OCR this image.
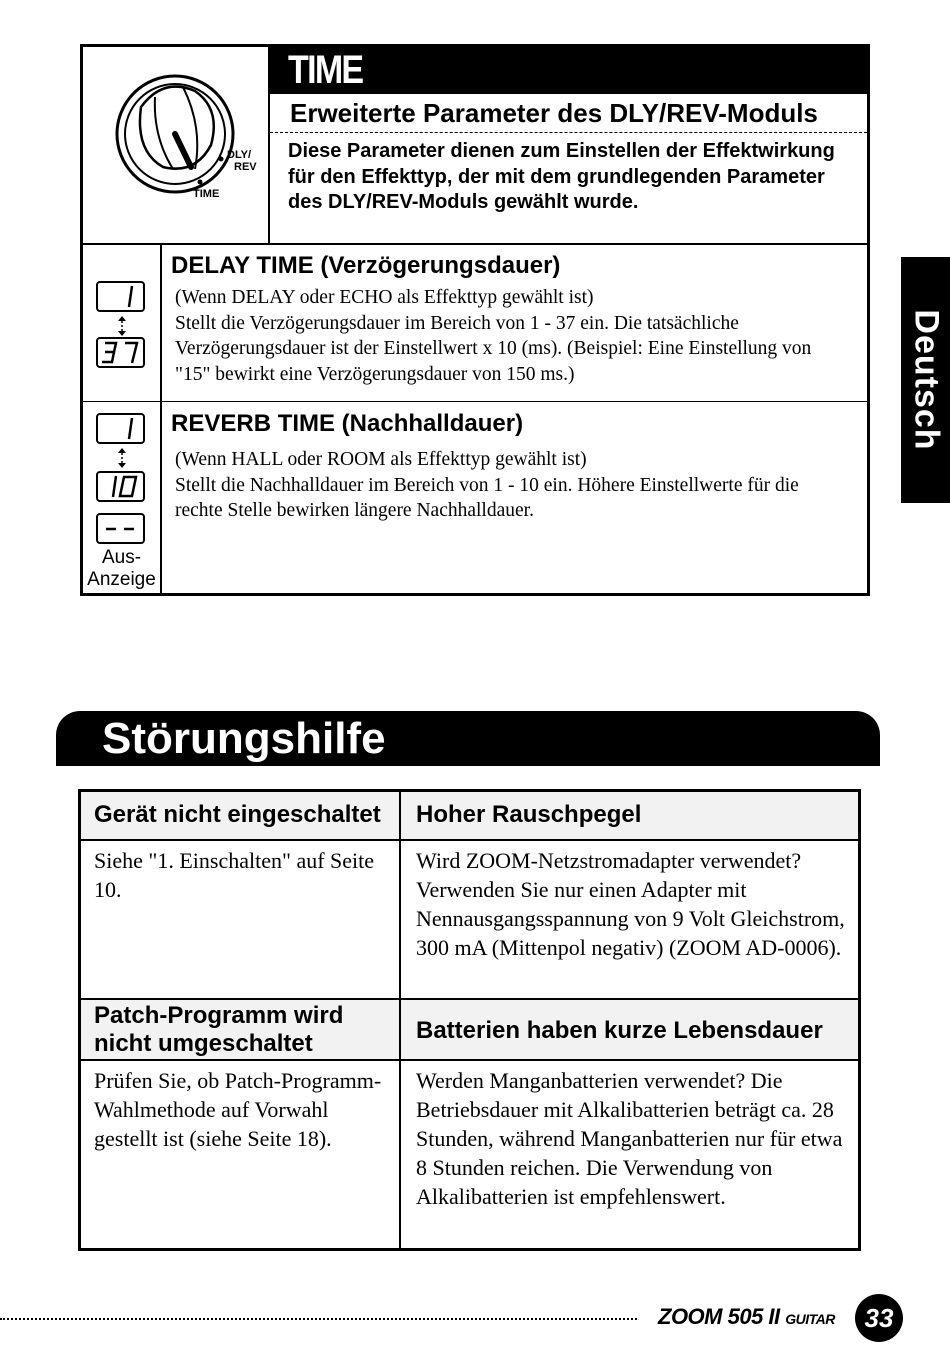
DLY/
REV
TIME
TIME
Erweiterte Parameter des DLY/REV-Moduls
Diese Parameter dienen zum Einstellen der Effektwirkung für den Effekttyp, der mit dem grundlegenden Parameter des DLY/REV-Moduls gewählt wurde.
DELAY TIME (Verzögerungsdauer)
(Wenn DELAY oder ECHO als Effekttyp gewählt ist)
Stellt die Verzögerungsdauer im Bereich von 1 - 37 ein. Die tatsächliche Verzögerungsdauer ist der Einstellwert x 10 (ms). (Beispiel: Eine Einstellung von "15" bewirkt eine Verzögerungsdauer von 150 ms.)
Aus-
Anzeige
REVERB TIME (Nachhalldauer)
(Wenn HALL oder ROOM als Effekttyp gewählt ist)
Stellt die Nachhalldauer im Bereich von 1 - 10 ein. Höhere Einstellwerte für die rechte Stelle bewirken längere Nachhalldauer.
Deutsch
Störungshilfe
Gerät nicht eingeschaltet Hoher Rauschpegel
Siehe "1. Einschalten" auf Seite 10.
Wird ZOOM-Netzstromadapter verwendet? Verwenden Sie nur einen Adapter mit Nennausgangsspannung von 9 Volt Gleichstrom, 300 mA (Mittenpol negativ) (ZOOM AD-0006).
Patch-Programm wird nicht umgeschaltet	Batterien haben kurze Lebensdauer
Prüfen Sie, ob Patch-Programm-Wahlmethode auf Vorwahl gestellt ist (siehe Seite 18).
Werden Manganbatterien verwendet? Die Betriebsdauer mit Alkalibatterien beträgt ca. 28 Stunden, während Manganbatterien nur für etwa 8 Stunden reichen. Die Verwendung von Alkalibatterien ist empfehlenswert.
ZOOM 505 II GUITAR	33
